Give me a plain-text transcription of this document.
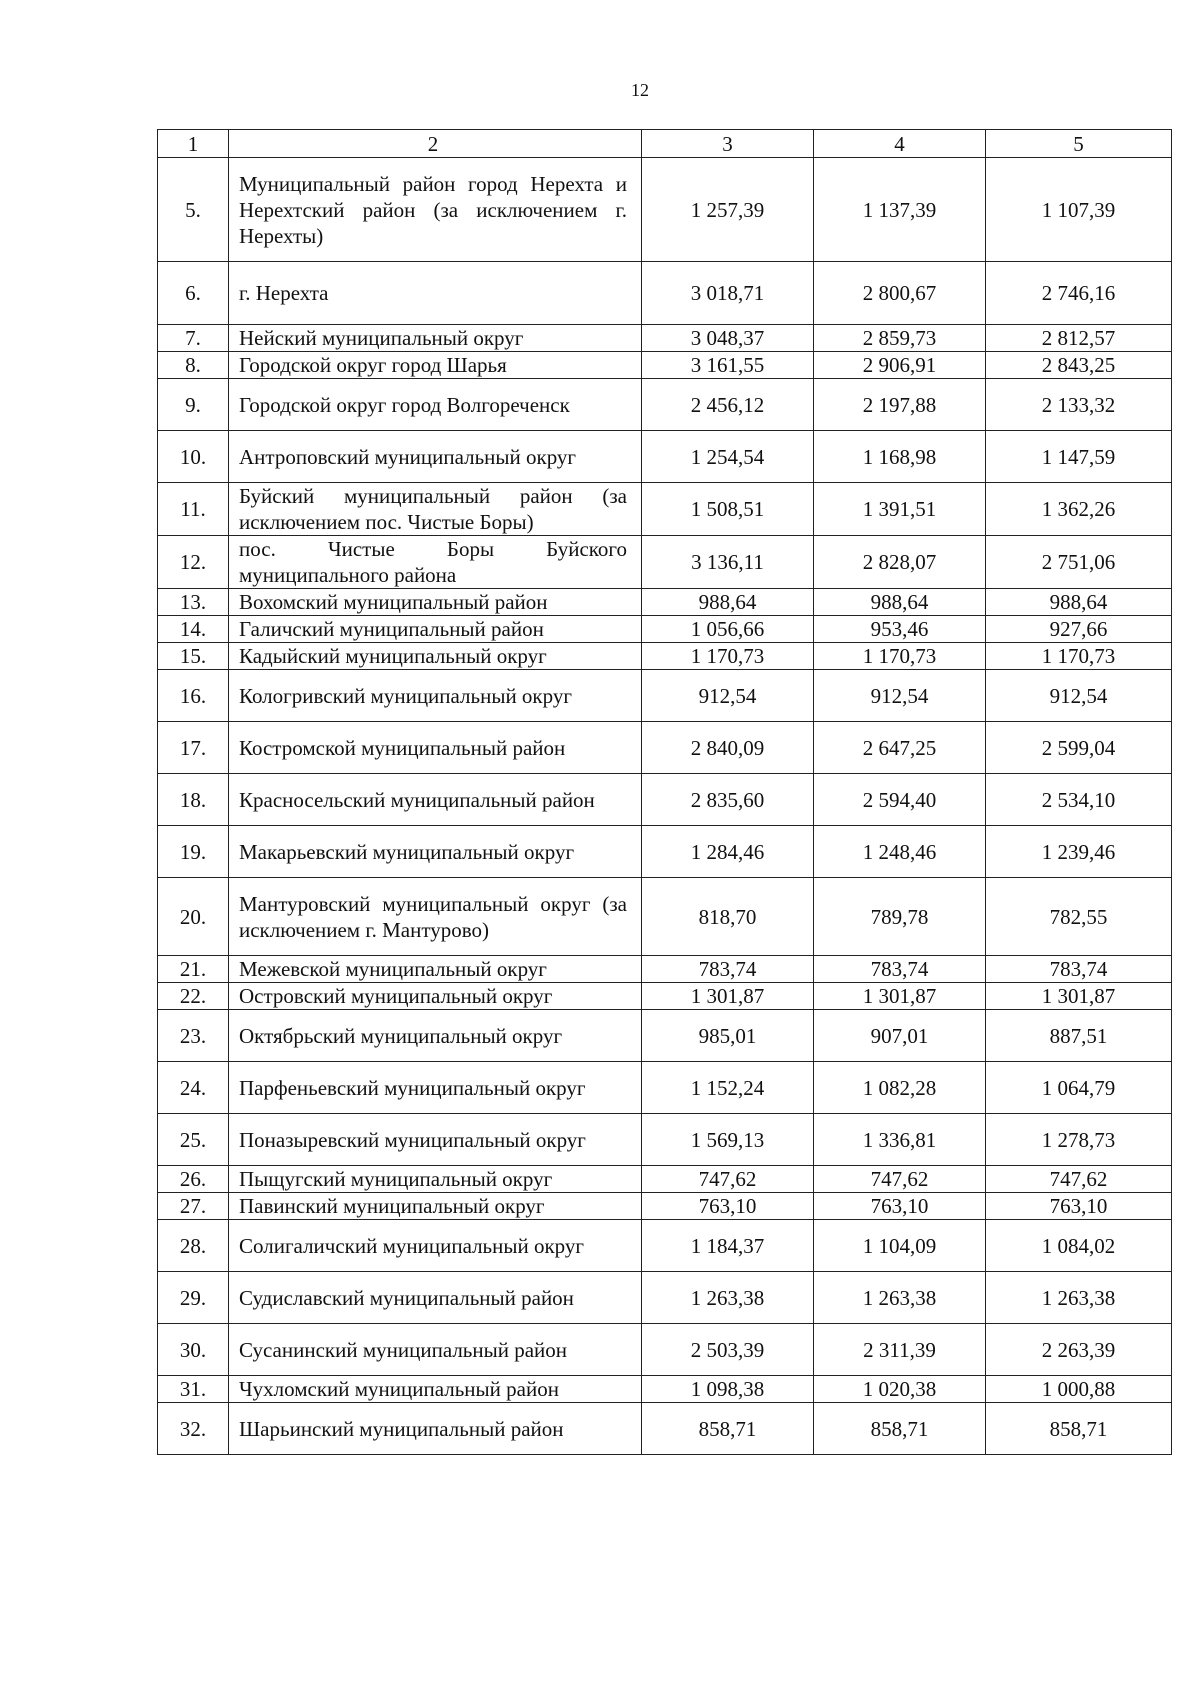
12
1	2	3	4	5
5.	Муниципальный район город Нерехта и Нерехтский район (за исключением г. Нерехты)	1 257,39	1 137,39	1 107,39
6.	г. Нерехта	3 018,71	2 800,67	2 746,16
7.	Нейский муниципальный округ	3 048,37	2 859,73	2 812,57
8.	Городской округ город Шарья	3 161,55	2 906,91	2 843,25
9.	Городской округ город Волгореченск	2 456,12	2 197,88	2 133,32
10.	Антроповский муниципальный округ	1 254,54	1 168,98	1 147,59
11.	Буйский муниципальный район (за исключением пос. Чистые Боры)	1 508,51	1 391,51	1 362,26
12.	пос. Чистые Боры Буйского муниципального района	3 136,11	2 828,07	2 751,06
13.	Вохомский муниципальный район	988,64	988,64	988,64
14.	Галичский муниципальный район	1 056,66	953,46	927,66
15.	Кадыйский муниципальный округ	1 170,73	1 170,73	1 170,73
16.	Кологривский муниципальный округ	912,54	912,54	912,54
17.	Костромской муниципальный район	2 840,09	2 647,25	2 599,04
18.	Красносельский муниципальный район	2 835,60	2 594,40	2 534,10
19.	Макарьевский муниципальный округ	1 284,46	1 248,46	1 239,46
20.	Мантуровский муниципальный округ (за исключением г. Мантурово)	818,70	789,78	782,55
21.	Межевской муниципальный округ	783,74	783,74	783,74
22.	Островский муниципальный округ	1 301,87	1 301,87	1 301,87
23.	Октябрьский муниципальный округ	985,01	907,01	887,51
24.	Парфеньевский муниципальный округ	1 152,24	1 082,28	1 064,79
25.	Поназыревский муниципальный округ	1 569,13	1 336,81	1 278,73
26.	Пыщугский муниципальный округ	747,62	747,62	747,62
27.	Павинский муниципальный округ	763,10	763,10	763,10
28.	Солигаличский муниципальный округ	1 184,37	1 104,09	1 084,02
29.	Судиславский муниципальный район	1 263,38	1 263,38	1 263,38
30.	Сусанинский муниципальный район	2 503,39	2 311,39	2 263,39
31.	Чухломский муниципальный район	1 098,38	1 020,38	1 000,88
32.	Шарьинский муниципальный район	858,71	858,71	858,71
